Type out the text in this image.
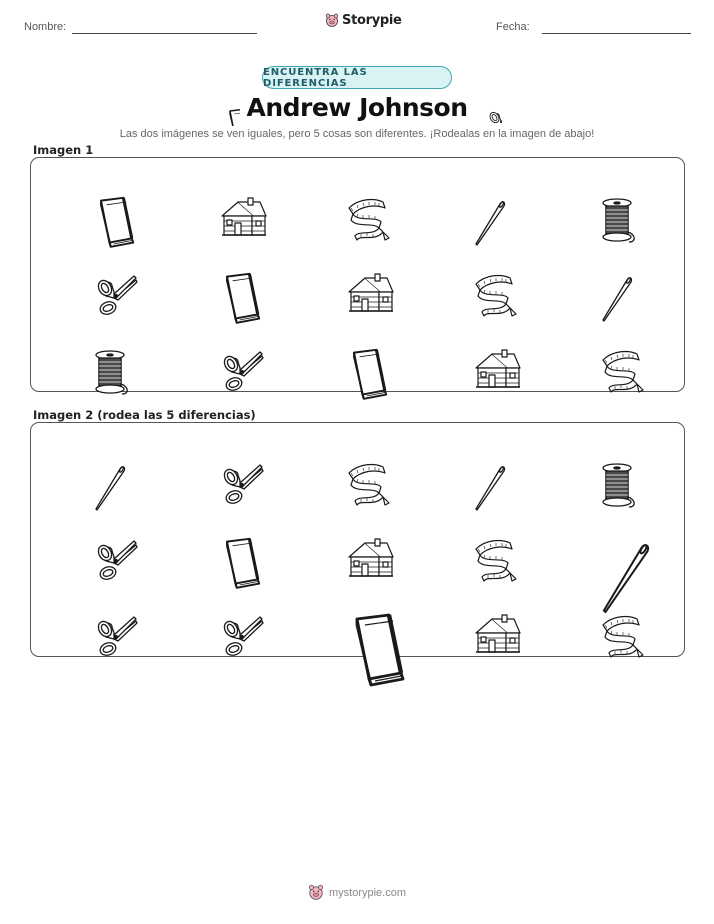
Nombre:	Storypie	Fecha:
ENCUENTRA LAS DIFERENCIAS
Andrew Johnson
Las dos imágenes se ven iguales, pero 5 cosas son diferentes. ¡Rodealas en la imagen de abajo!
Imagen 1
Imagen 2 (rodea las 5 diferencias)
mystorypie.com
